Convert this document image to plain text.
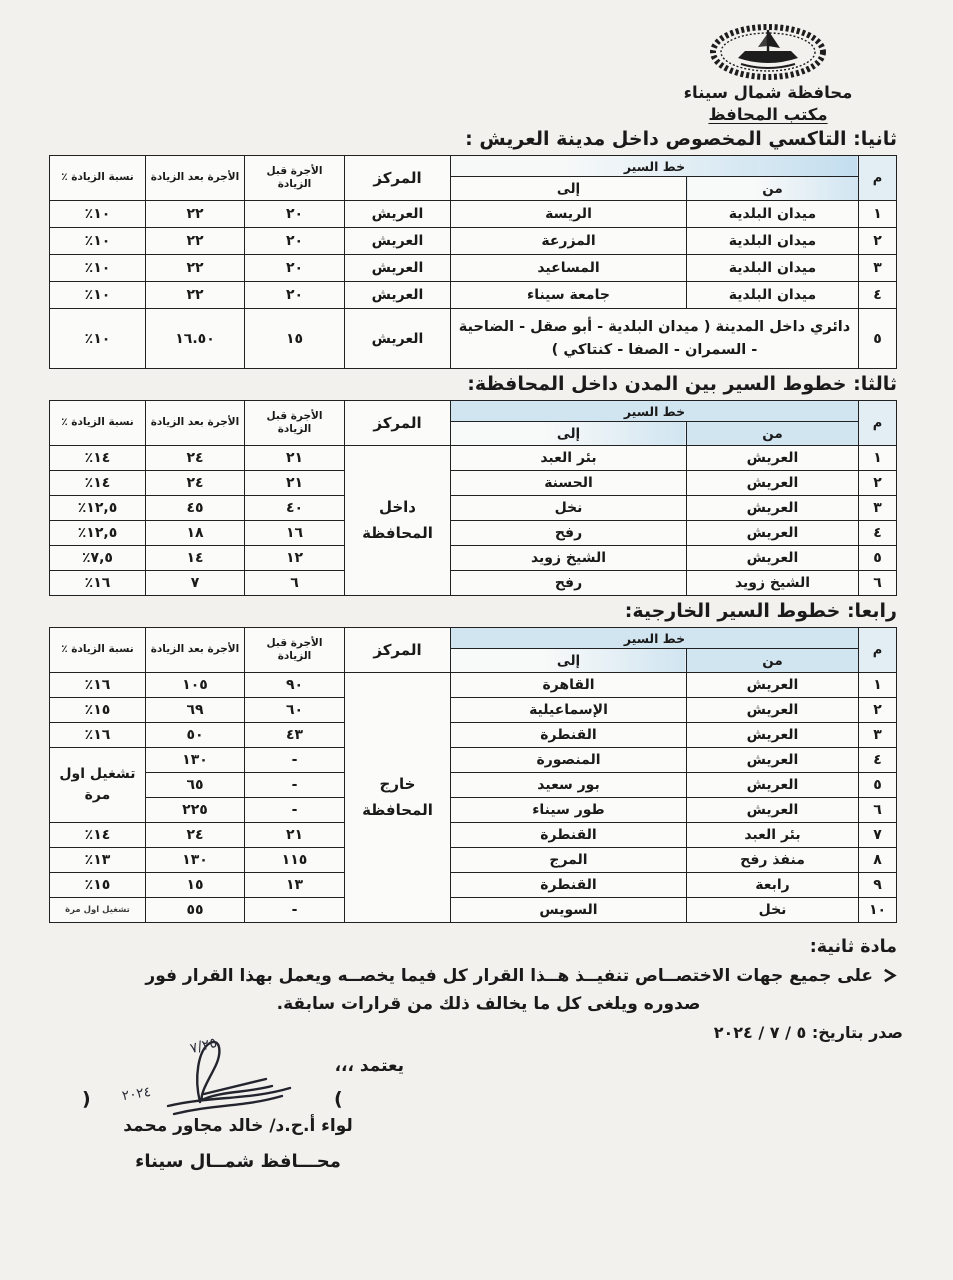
محافظة شمال سيناء
مكتب المحافظ
ثانيا: التاكسي المخصوص داخل مدينة العريش :
م	خط السير		المركز	الأجرة قبل الزيادة	الأجرة بعد الزيادة	نسبة الزيادة ٪
	من	إلى				
١	ميدان البلدية	الريسة	العريش	٢٠	٢٢	١٠٪
٢	ميدان البلدية	المزرعة	العريش	٢٠	٢٢	١٠٪
٣	ميدان البلدية	المساعيد	العريش	٢٠	٢٢	١٠٪
٤	ميدان البلدية	جامعة سيناء	العريش	٢٠	٢٢	١٠٪
٥	دائري داخل المدينة ( ميدان البلدية - أبو صقل - الضاحية - السمران - الصفا - كنتاكي )		العريش	١٥	١٦.٥٠	١٠٪
ثالثا: خطوط السير بين المدن داخل المحافظة:
م	خط السير		المركز	الأجرة قبل الزيادة	الأجرة بعد الزيادة	نسبة الزيادة ٪
	من	إلى				
١	العريش	بئر العبد	داخل المحافظة	٢١	٢٤	١٤٪
٢	العريش	الحسنة		٢١	٢٤	١٤٪
٣	العريش	نخل		٤٠	٤٥	١٢,٥٪
٤	العريش	رفح		١٦	١٨	١٢,٥٪
٥	العريش	الشيخ زويد		١٢	١٤	٧,٥٪
٦	الشيخ زويد	رفح		٦	٧	١٦٪
رابعا: خطوط السير الخارجية:
م	خط السير		المركز	الأجرة قبل الزيادة	الأجرة بعد الزيادة	نسبة الزيادة ٪
	من	إلى				
١	العريش	القاهرة	خارج المحافظة	٩٠	١٠٥	١٦٪
٢	العريش	الإسماعيلية		٦٠	٦٩	١٥٪
٣	العريش	القنطرة		٤٣	٥٠	١٦٪
٤	العريش	المنصورة		-	١٣٠	تشغيل اول مرة
٥	العريش	بور سعيد		-	٦٥	
٦	العريش	طور سيناء		-	٢٢٥	
٧	بئر العبد	القنطرة		٢١	٢٤	١٤٪
٨	منفذ رفح	المرج		١١٥	١٣٠	١٣٪
٩	رابعة	القنطرة		١٣	١٥	١٥٪
١٠	نخل	السويس		-	٥٥	تشغيل اول مرة
مادة ثانية:
على جميع جهات الاختصــاص تنفيــذ هــذا القرار كل فيما يخصــه ويعمل بهذا القرار فور
صدوره ويلغى كل ما يخالف ذلك من قرارات سابقة.
صدر بتاريخ: ٥ / ٧ / ٢٠٢٤
يعتمد ،،،
٧/٢٥
٢٠٢٤
(	)
لواء أ.ح.د/ خالد مجاور محمد
محـــافظ شمــال سيناء
